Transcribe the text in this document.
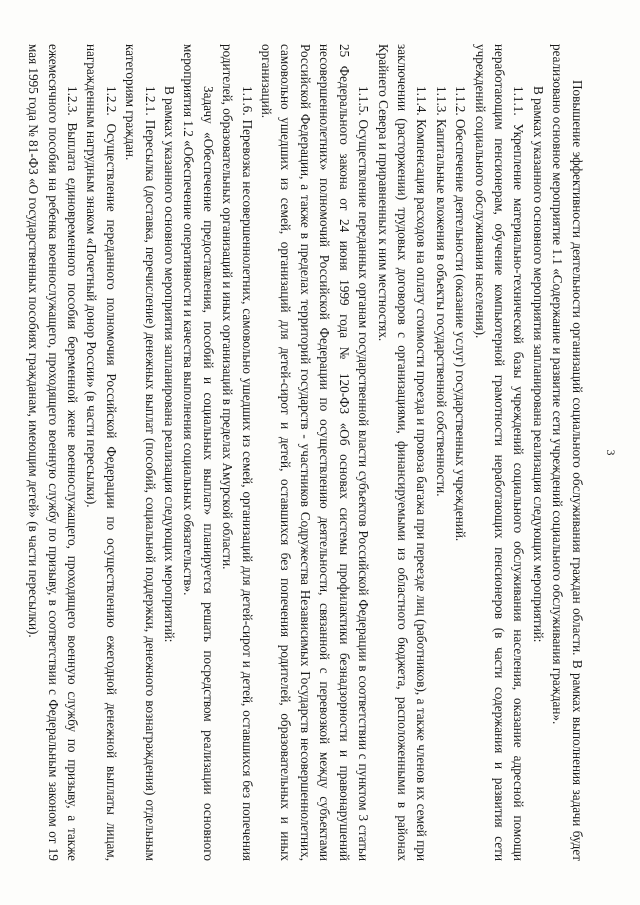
3

Повышение эффективности деятельности организаций социального обслуживания граждан области. В рамках выполнения задачи будет реализовано основное мероприятие 1.1 «Содержание и развитие сети учреждений социального обслуживания граждан».

В рамках указанного основного мероприятия запланирована реализация следующих мероприятий:

1.1.1. Укрепление материально-технической базы учреждений социального обслуживания населения, оказание адресной помощи неработающим пенсионерам, обучение компьютерной грамотности неработающих пенсионеров (в части содержания и развития сети учреждений социального обслуживания населения).

1.1.2. Обеспечение деятельности (оказание услуг) государственных учреждений.

1.1.3. Капитальные вложения в объекты государственной собственности.

1.1.4. Компенсация расходов на оплату стоимости проезда и провоза багажа при переезде лиц (работников), а также членов их семей при заключении (расторжении) трудовых договоров с организациями, финансируемыми из областного бюджета, расположенными в районах Крайнего Севера и приравненных к ним местностях.

1.1.5. Осуществление переданных органам государственной власти субъектов Российской Федерации в соответствии с пунктом 3 статьи 25 Федерального закона от 24 июня 1999 года № 120-ФЗ «Об основах системы профилактики безнадзорности и правонарушений несовершеннолетних» полномочий Российской Федерации по осуществлению деятельности, связанной с перевозкой между субъектами Российской Федерации, а также в пределах территорий государств - участников Содружества Независимых Государств несовершеннолетних, самовольно ушедших из семей, организаций для детей-сирот и детей, оставшихся без попечения родителей, образовательных и иных организаций.

1.1.6. Перевозка несовершеннолетних, самовольно ушедших из семей, организаций для детей-сирот и детей, оставшихся без попечения родителей, образовательных организаций и иных организаций в пределах Амурской области.

Задачу «Обеспечение предоставления, пособий и социальных выплат» планируется решать посредством реализации основного мероприятия 1.2 «Обеспечение оперативности и качества выполнения социальных обязательств».

В рамках указанного основного мероприятия запланирована реализация следующих мероприятий:

1.2.1. Пересылка (доставка, перечисление) денежных выплат (пособий, социальной поддержки, денежного вознаграждения) отдельным категориям граждан.

1.2.2. Осуществление переданного полномочия Российской Федерации по осуществлению ежегодной денежной выплаты лицам, награжденным нагрудным знаком «Почетный донор России» (в части пересылки).

1.2.3. Выплата единовременного пособия беременной жене военнослужащего, проходящего военную службу по призыву, а также ежемесячного пособия на ребенка военнослужащего, проходящего военную службу по призыву, в соответствии с Федеральным законом от 19 мая 1995 года № 81-ФЗ «О государственных пособиях гражданам, имеющим детей» (в части пересылки).
